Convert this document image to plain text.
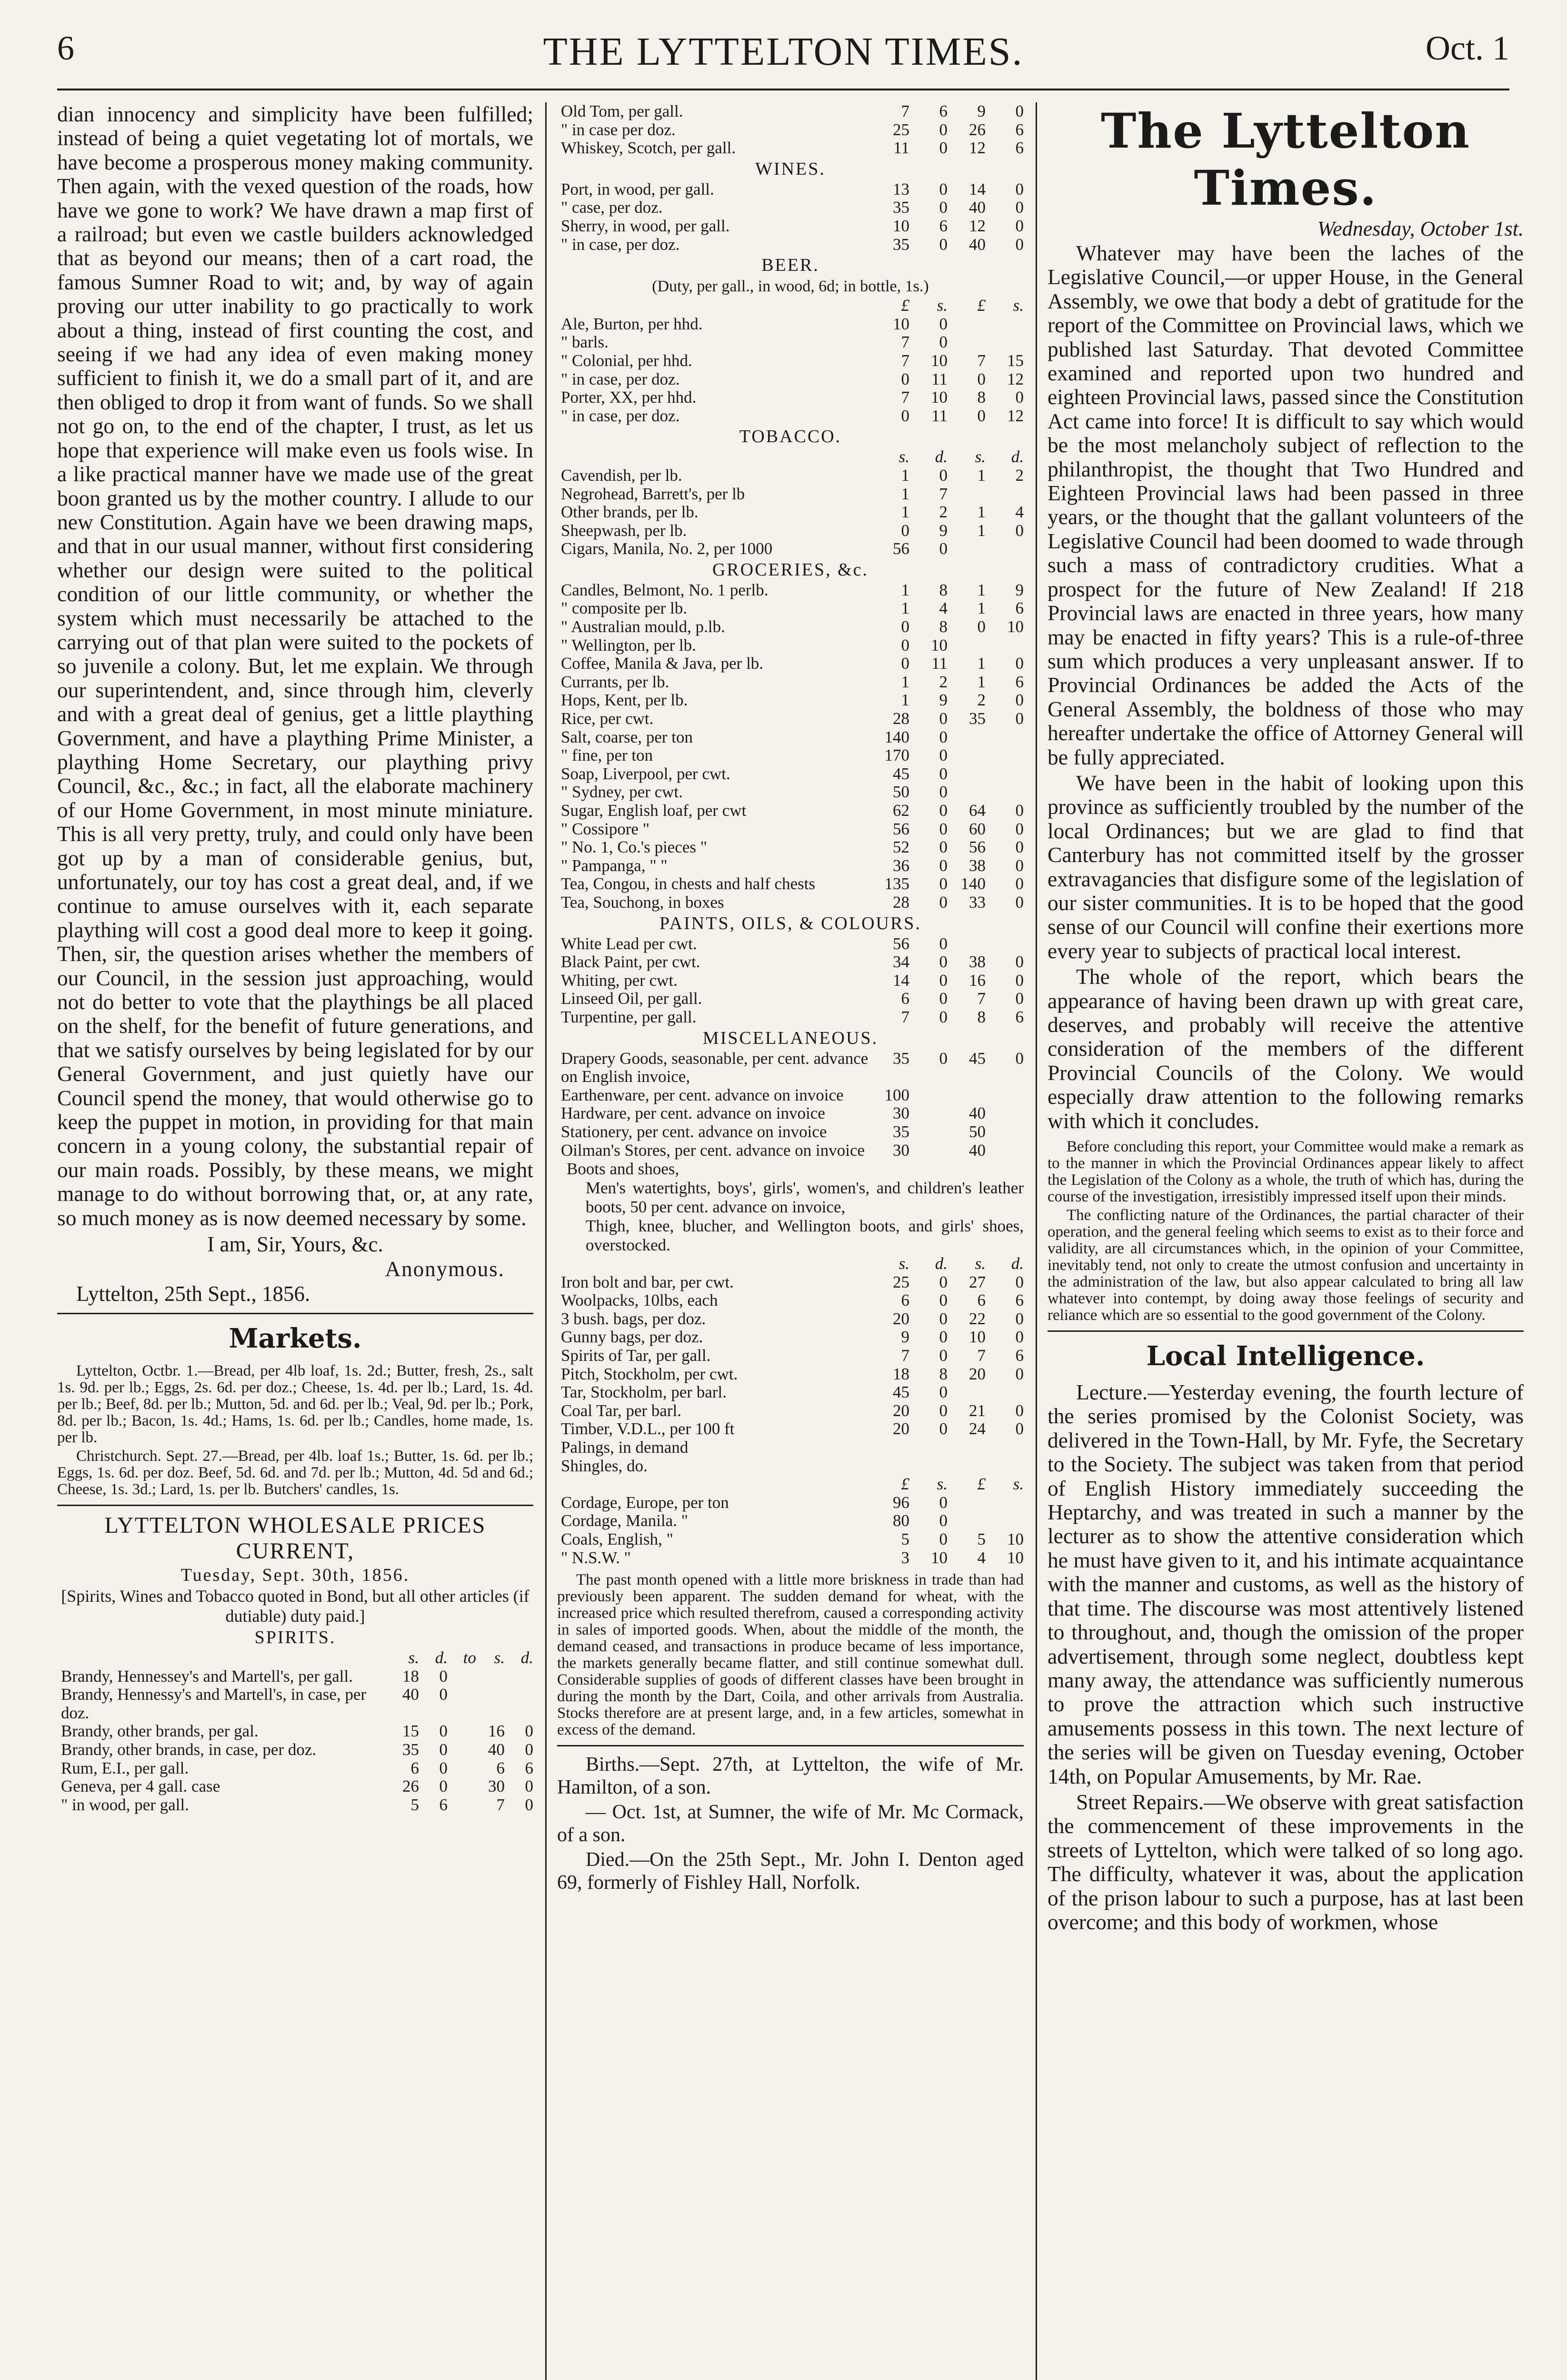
6	THE LYTTELTON TIMES.	Oct. 1

dian innocency and simplicity have been fulfilled; instead of being a quiet vegetating lot of mortals, we have become a prosperous money making community. Then again, with the vexed question of the roads, how have we gone to work? We have drawn a map first of a railroad; but even we castle builders acknowledged that as beyond our means; then of a cart road, the famous Sumner Road to wit; and, by way of again proving our utter inability to go practically to work about a thing, instead of first counting the cost, and seeing if we had any idea of even making money sufficient to finish it, we do a small part of it, and are then obliged to drop it from want of funds. So we shall not go on, to the end of the chapter, I trust, as let us hope that experience will make even us fools wise. In a like practical manner have we made use of the great boon granted us by the mother country. I allude to our new Constitution. Again have we been drawing maps, and that in our usual manner, without first considering whether our design were suited to the political condition of our little community, or whether the system which must necessarily be attached to the carrying out of that plan were suited to the pockets of so juvenile a colony. But, let me explain. We through our superintendent, and, since through him, cleverly and with a great deal of genius, get a little plaything Government, and have a plaything Prime Minister, a plaything Home Secretary, our plaything privy Council, &c., &c.; in fact, all the elaborate machinery of our Home Government, in most minute miniature. This is all very pretty, truly, and could only have been got up by a man of considerable genius, but, unfortunately, our toy has cost a great deal, and, if we continue to amuse ourselves with it, each separate plaything will cost a good deal more to keep it going. Then, sir, the question arises whether the members of our Council, in the session just approaching, would not do better to vote that the playthings be all placed on the shelf, for the benefit of future generations, and that we satisfy ourselves by being legislated for by our General Government, and just quietly have our Council spend the money, that would otherwise go to keep the puppet in motion, in providing for that main concern in a young colony, the substantial repair of our main roads. Possibly, by these means, we might manage to do without borrowing that, or, at any rate, so much money as is now deemed necessary by some.

I am, Sir, Yours, &c.
Anonymous.
Lyttelton, 25th Sept., 1856.
Markets.

Lyttelton, Octbr. 1.—Bread, per 4lb loaf, 1s. 2d.; Butter, fresh, 2s., salt 1s. 9d. per lb.; Eggs, 2s. 6d. per doz.; Cheese, 1s. 4d. per lb.; Lard, 1s. 4d. per lb.; Beef, 8d. per lb.; Mutton, 5d. and 6d. per lb.; Veal, 9d. per lb.; Pork, 8d. per lb.; Bacon, 1s. 4d.; Hams, 1s. 6d. per lb.; Candles, home made, 1s. per lb.

Christchurch. Sept. 27.—Bread, per 4lb. loaf 1s.; Butter, 1s. 6d. per lb.; Eggs, 1s. 6d. per doz. Beef, 5d. 6d. and 7d. per lb.; Mutton, 4d. 5d and 6d.; Cheese, 1s. 3d.; Lard, 1s. per lb. Butchers' candles, 1s.

LYTTELTON WHOLESALE PRICES CURRENT,
Tuesday, Sept. 30th, 1856.
[Spirits, Wines and Tobacco quoted in Bond, but all other articles (if dutiable) duty paid.]
SPIRITS.
	s.	d.	to	s.	d.
Brandy, Hennessey's and Martell's, per gall.	18	0			
Brandy, Hennessy's and Martell's, in case, per doz.	40	0			
Brandy, other brands, per gal.	15	0		16	0
Brandy, other brands, in case, per doz.	35	0		40	0
Rum, E.I., per gall.	6	0		6	6
Geneva, per 4 gall. case	26	0		30	0
" in wood, per gall.	5	6		7	0
Old Tom, per gall.	7	6	9	0
" in case per doz.	25	0	26	6
Whiskey, Scotch, per gall.	11	0	12	6
WINES.
Port, in wood, per gall.	13	0	14	0
" case, per doz.	35	0	40	0
Sherry, in wood, per gall.	10	6	12	0
" in case, per doz.	35	0	40	0
BEER.
(Duty, per gall., in wood, 6d; in bottle, 1s.)
	£	s.	£	s.
Ale, Burton, per hhd.	10	0		
" barls.	7	0		
" Colonial, per hhd.	7	10	7	15
" in case, per doz.	0	11	0	12
Porter, XX, per hhd.	7	10	8	0
" in case, per doz.	0	11	0	12
TOBACCO.
	s.	d.	s.	d.
Cavendish, per lb.	1	0	1	2
Negrohead, Barrett's, per lb	1	7		
Other brands, per lb.	1	2	1	4
Sheepwash, per lb.	0	9	1	0
Cigars, Manila, No. 2, per 1000	56	0		
GROCERIES, &c.
Candles, Belmont, No. 1 perlb.	1	8	1	9
" composite per lb.	1	4	1	6
" Australian mould, p.lb.	0	8	0	10
" Wellington, per lb.	0	10		
Coffee, Manila & Java, per lb.	0	11	1	0
Currants, per lb.	1	2	1	6
Hops, Kent, per lb.	1	9	2	0
Rice, per cwt.	28	0	35	0
Salt, coarse, per ton	140	0		
" fine, per ton	170	0		
Soap, Liverpool, per cwt.	45	0		
" Sydney, per cwt.	50	0		
Sugar, English loaf, per cwt	62	0	64	0
" Cossipore "	56	0	60	0
" No. 1, Co.'s pieces "	52	0	56	0
" Pampanga, " "	36	0	38	0
Tea, Congou, in chests and half chests	135	0	140	0
Tea, Souchong, in boxes	28	0	33	0
PAINTS, OILS, & COLOURS.
White Lead per cwt.	56	0		
Black Paint, per cwt.	34	0	38	0
Whiting, per cwt.	14	0	16	0
Linseed Oil, per gall.	6	0	7	0
Turpentine, per gall.	7	0	8	6
MISCELLANEOUS.
Drapery Goods, seasonable, per cent. advance on English invoice,	35	0	45	0
Earthenware, per cent. advance on invoice	100			
Hardware, per cent. advance on invoice	30		40	
Stationery, per cent. advance on invoice	35		50	
Oilman's Stores, per cent. advance on invoice	30		40	
Boots and shoes,
Men's watertights, boys', girls', women's, and children's leather boots, 50 per cent. advance on invoice,
Thigh, knee, blucher, and Wellington boots, and girls' shoes, overstocked.
	s.	d.	s.	d.
Iron bolt and bar, per cwt.	25	0	27	0
Woolpacks, 10lbs, each	6	0	6	6
3 bush. bags, per doz.	20	0	22	0
Gunny bags, per doz.	9	0	10	0
Spirits of Tar, per gall.	7	0	7	6
Pitch, Stockholm, per cwt.	18	8	20	0
Tar, Stockholm, per barl.	45	0		
Coal Tar, per barl.	20	0	21	0
Timber, V.D.L., per 100 ft	20	0	24	0
Palings, in demand				
Shingles, do.				
	£	s.	£	s.
Cordage, Europe, per ton	96	0		
Cordage, Manila. "	80	0		
Coals, English, "	5	0	5	10
" N.S.W. "	3	10	4	10

The past month opened with a little more briskness in trade than had previously been apparent. The sudden demand for wheat, with the increased price which resulted therefrom, caused a corresponding activity in sales of imported goods. When, about the middle of the month, the demand ceased, and transactions in produce became of less importance, the markets generally became flatter, and still continue somewhat dull. Considerable supplies of goods of different classes have been brought in during the month by the Dart, Coila, and other arrivals from Australia. Stocks therefore are at present large, and, in a few articles, somewhat in excess of the demand.

Births.—Sept. 27th, at Lyttelton, the wife of Mr. Hamilton, of a son.

— Oct. 1st, at Sumner, the wife of Mr. Mc Cormack, of a son.

Died.—On the 25th Sept., Mr. John I. Denton aged 69, formerly of Fishley Hall, Norfolk.

The Lyttelton Times.
Wednesday, October 1st.

Whatever may have been the laches of the Legislative Council,—or upper House, in the General Assembly, we owe that body a debt of gratitude for the report of the Committee on Provincial laws, which we published last Saturday. That devoted Committee examined and reported upon two hundred and eighteen Provincial laws, passed since the Constitution Act came into force! It is difficult to say which would be the most melancholy subject of reflection to the philanthropist, the thought that Two Hundred and Eighteen Provincial laws had been passed in three years, or the thought that the gallant volunteers of the Legislative Council had been doomed to wade through such a mass of contradictory crudities. What a prospect for the future of New Zealand! If 218 Provincial laws are enacted in three years, how many may be enacted in fifty years? This is a rule-of-three sum which produces a very unpleasant answer. If to Provincial Ordinances be added the Acts of the General Assembly, the boldness of those who may hereafter undertake the office of Attorney General will be fully appreciated.

We have been in the habit of looking upon this province as sufficiently troubled by the number of the local Ordinances; but we are glad to find that Canterbury has not committed itself by the grosser extravagancies that disfigure some of the legislation of our sister communities. It is to be hoped that the good sense of our Council will confine their exertions more every year to subjects of practical local interest.

The whole of the report, which bears the appearance of having been drawn up with great care, deserves, and probably will receive the attentive consideration of the members of the different Provincial Councils of the Colony. We would especially draw attention to the following remarks with which it concludes.

Before concluding this report, your Committee would make a remark as to the manner in which the Provincial Ordinances appear likely to affect the Legislation of the Colony as a whole, the truth of which has, during the course of the investigation, irresistibly impressed itself upon their minds.

The conflicting nature of the Ordinances, the partial character of their operation, and the general feeling which seems to exist as to their force and validity, are all circumstances which, in the opinion of your Committee, inevitably tend, not only to create the utmost confusion and uncertainty in the administration of the law, but also appear calculated to bring all law whatever into contempt, by doing away those feelings of security and reliance which are so essential to the good government of the Colony.

Local Intelligence.

Lecture.—Yesterday evening, the fourth lecture of the series promised by the Colonist Society, was delivered in the Town-Hall, by Mr. Fyfe, the Secretary to the Society. The subject was taken from that period of English History immediately succeeding the Heptarchy, and was treated in such a manner by the lecturer as to show the attentive consideration which he must have given to it, and his intimate acquaintance with the manner and customs, as well as the history of that time. The discourse was most attentively listened to throughout, and, though the omission of the proper advertisement, through some neglect, doubtless kept many away, the attendance was sufficiently numerous to prove the attraction which such instructive amusements possess in this town. The next lecture of the series will be given on Tuesday evening, October 14th, on Popular Amusements, by Mr. Rae.

Street Repairs.—We observe with great satisfaction the commencement of these improvements in the streets of Lyttelton, which were talked of so long ago. The difficulty, whatever it was, about the application of the prison labour to such a purpose, has at last been overcome; and this body of workmen, whose
